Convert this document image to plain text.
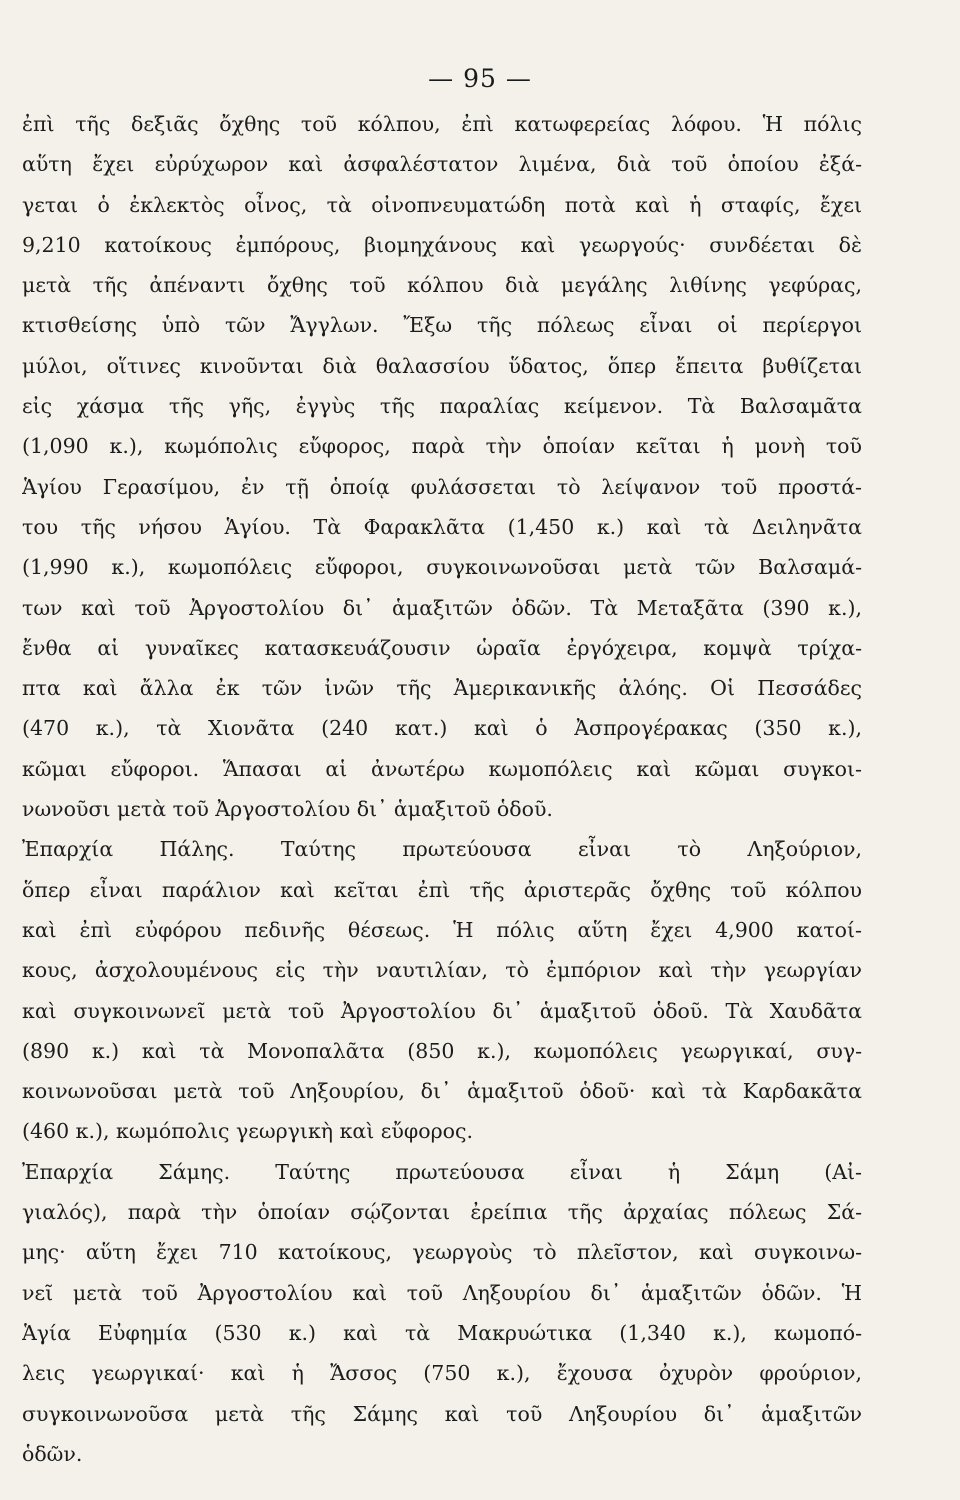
— 95 —
ἐπὶ τῆς δεξιᾶς ὄχθης τοῦ κόλπου, ἐπὶ κατωφερείας λόφου. Ἡ πόλις
αὕτη ἔχει εὐρύχωρον καὶ ἀσφαλέστατον λιμένα, διὰ τοῦ ὁποίου ἐξά-
γεται ὁ ἐκλεκτὸς οἶνος, τὰ οἰνοπνευματώδη ποτὰ καὶ ἡ σταφίς, ἔχει
9,210 κατοίκους ἐμπόρους, βιομηχάνους καὶ γεωργούς· συνδέεται δὲ
μετὰ τῆς ἀπέναντι ὄχθης τοῦ κόλπου διὰ μεγάλης λιθίνης γεφύρας,
κτισθείσης ὑπὸ τῶν Ἄγγλων. Ἔξω τῆς πόλεως εἶναι οἱ περίεργοι
μύλοι, οἵτινες κινοῦνται διὰ θαλασσίου ὕδατος, ὅπερ ἔπειτα βυθίζεται
εἰς χάσμα τῆς γῆς, ἐγγὺς τῆς παραλίας κείμενον. Τὰ Βαλσαμᾶτα
(1,090 κ.), κωμόπολις εὔφορος, παρὰ τὴν ὁποίαν κεῖται ἡ μονὴ τοῦ
Ἁγίου Γερασίμου, ἐν τῇ ὁποίᾳ φυλάσσεται τὸ λείψανον τοῦ προστά-
του τῆς νήσου Ἁγίου. Τὰ Φαρακλᾶτα (1,450 κ.) καὶ τὰ Δειληνᾶτα
(1,990 κ.), κωμοπόλεις εὔφοροι, συγκοινωνοῦσαι μετὰ τῶν Βαλσαμά-
των καὶ τοῦ Ἀργοστολίου δι᾽ ἁμαξιτῶν ὁδῶν. Τὰ Μεταξᾶτα (390 κ.),
ἔνθα αἱ γυναῖκες κατασκευάζουσιν ὡραῖα ἐργόχειρα, κομψὰ τρίχα-
πτα καὶ ἄλλα ἐκ τῶν ἰνῶν τῆς Ἀμερικανικῆς ἀλόης. Οἱ Πεσσάδες
(470 κ.), τὰ Χιονᾶτα (240 κατ.) καὶ ὁ Ἀσπρογέρακας (350 κ.),
κῶμαι εὔφοροι. Ἅπασαι αἱ ἀνωτέρω κωμοπόλεις καὶ κῶμαι συγκοι-
νωνοῦσι μετὰ τοῦ Ἀργοστολίου δι᾽ ἁμαξιτοῦ ὁδοῦ.
Ἐπαρχία Πάλης. Ταύτης πρωτεύουσα εἶναι τὸ Ληξούριον,
ὅπερ εἶναι παράλιον καὶ κεῖται ἐπὶ τῆς ἀριστερᾶς ὄχθης τοῦ κόλπου
καὶ ἐπὶ εὐφόρου πεδινῆς θέσεως. Ἡ πόλις αὕτη ἔχει 4,900 κατοί-
κους, ἀσχολουμένους εἰς τὴν ναυτιλίαν, τὸ ἐμπόριον καὶ τὴν γεωργίαν
καὶ συγκοινωνεῖ μετὰ τοῦ Ἀργοστολίου δι᾽ ἁμαξιτοῦ ὁδοῦ. Τὰ Χαυδᾶτα
(890 κ.) καὶ τὰ Μονοπαλᾶτα (850 κ.), κωμοπόλεις γεωργικαί, συγ-
κοινωνοῦσαι μετὰ τοῦ Ληξουρίου, δι᾽ ἁμαξιτοῦ ὁδοῦ· καὶ τὰ Καρδακᾶτα
(460 κ.), κωμόπολις γεωργικὴ καὶ εὔφορος.
Ἐπαρχία Σάμης. Ταύτης πρωτεύουσα εἶναι ἡ Σάμη (Αἰ-
γιαλός), παρὰ τὴν ὁποίαν σῴζονται ἐρείπια τῆς ἀρχαίας πόλεως Σά-
μης· αὕτη ἔχει 710 κατοίκους, γεωργοὺς τὸ πλεῖστον, καὶ συγκοινω-
νεῖ μετὰ τοῦ Ἀργοστολίου καὶ τοῦ Ληξουρίου δι᾽ ἁμαξιτῶν ὁδῶν. Ἡ
Ἁγία Εὐφημία (530 κ.) καὶ τὰ Μακρυώτικα (1,340 κ.), κωμοπό-
λεις γεωργικαί· καὶ ἡ Ἄσσος (750 κ.), ἔχουσα ὀχυρὸν φρούριον,
συγκοινωνοῦσα μετὰ τῆς Σάμης καὶ τοῦ Ληξουρίου δι᾽ ἁμαξιτῶν
ὁδῶν.
